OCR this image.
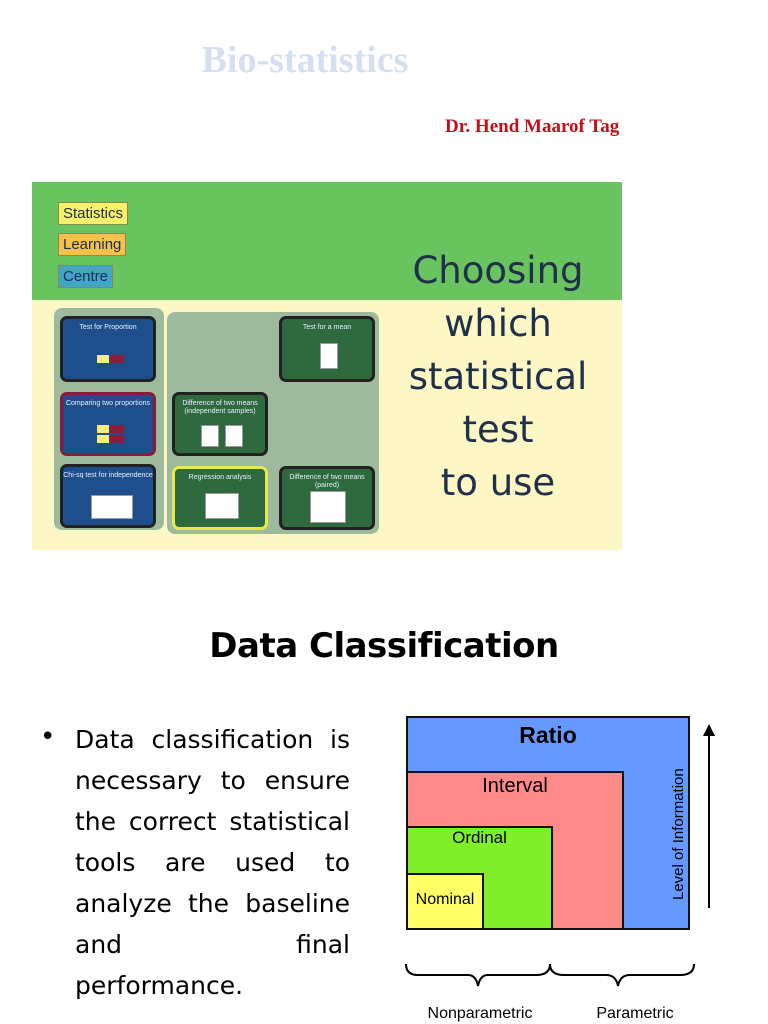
Bio-statistics
Dr. Hend Maarof Tag
Statistics
Learning
Centre
Test for Proportion
Comparing two proportions
Chi-sq test for independence
Difference of two means (independent samples)
Regression analysis
Test for a mean
Difference of two means (paired)
Choosing
which
statistical
test
to use
Data Classification
• Data classification is necessary to ensure the correct statistical tools are used to analyze the baseline and final performance.
Ratio
Interval
Ordinal
Nominal	Level of Information
Nonparametric	Parametric
